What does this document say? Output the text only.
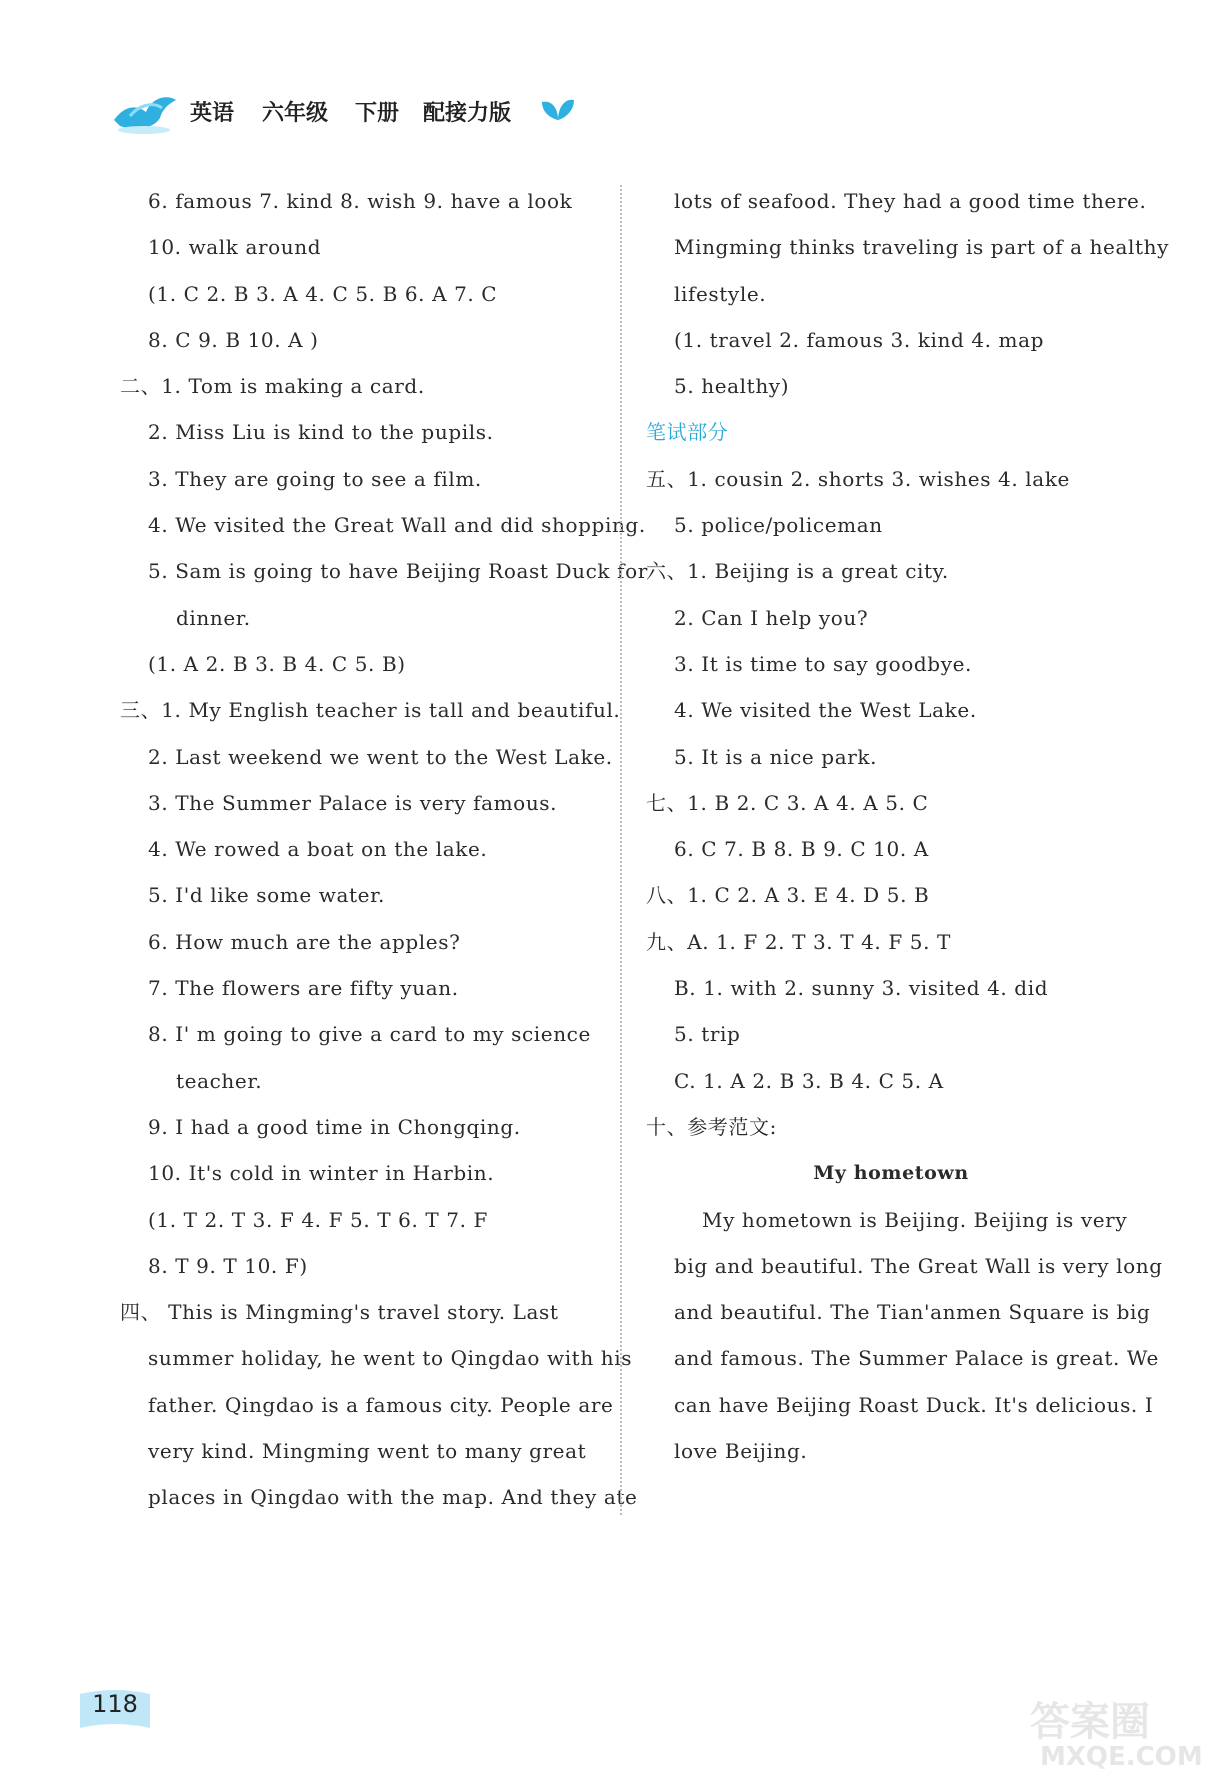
英语 六年级 下册 配接力版
6. famous 7. kind 8. wish 9. have a look
10. walk around
(1. C 2. B 3. A 4. C 5. B 6. A 7. C
8. C 9. B 10. A )
二、1. Tom is making a card.
2. Miss Liu is kind to the pupils.
3. They are going to see a film.
4. We visited the Great Wall and did shopping.
5. Sam is going to have Beijing Roast Duck for
dinner.
(1. A 2. B 3. B 4. C 5. B)
三、1. My English teacher is tall and beautiful.
2. Last weekend we went to the West Lake.
3. The Summer Palace is very famous.
4. We rowed a boat on the lake.
5. I'd like some water.
6. How much are the apples?
7. The flowers are fifty yuan.
8. I' m going to give a card to my science
teacher.
9. I had a good time in Chongqing.
10. It's cold in winter in Harbin.
(1. T 2. T 3. F 4. F 5. T 6. T 7. F
8. T 9. T 10. F)
四、 This is Mingming's travel story. Last
summer holiday, he went to Qingdao with his
father. Qingdao is a famous city. People are
very kind. Mingming went to many great
places in Qingdao with the map. And they ate
lots of seafood. They had a good time there.
Mingming thinks traveling is part of a healthy
lifestyle.
(1. travel 2. famous 3. kind 4. map
5. healthy)
笔试部分
五、1. cousin 2. shorts 3. wishes 4. lake
5. police/policeman
六、1. Beijing is a great city.
2. Can I help you?
3. It is time to say goodbye.
4. We visited the West Lake.
5. It is a nice park.
七、1. B 2. C 3. A 4. A 5. C
6. C 7. B 8. B 9. C 10. A
八、1. C 2. A 3. E 4. D 5. B
九、A. 1. F 2. T 3. T 4. F 5. T
B. 1. with 2. sunny 3. visited 4. did
5. trip
C. 1. A 2. B 3. B 4. C 5. A
十、参考范文:
My hometown
My hometown is Beijing. Beijing is very
big and beautiful. The Great Wall is very long
and beautiful. The Tian'anmen Square is big
and famous. The Summer Palace is great. We
can have Beijing Roast Duck. It's delicious. I
love Beijing.
118	答案圈
MXQE.COM
